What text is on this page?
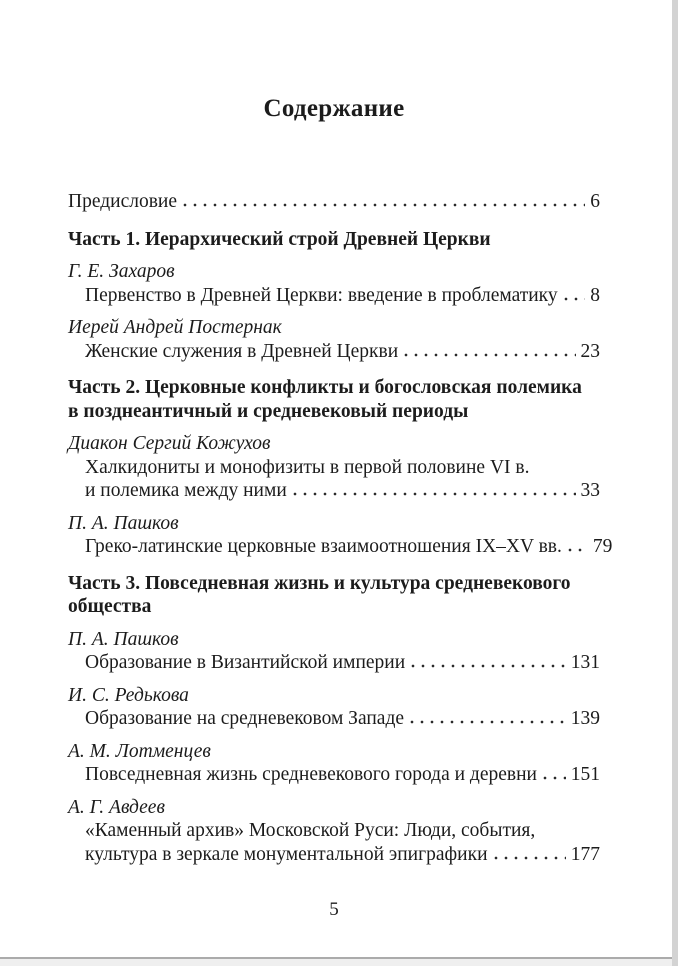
Содержание
Предисловие	6
Часть 1. Иерархический строй Древней Церкви
Г. Е. Захаров
Первенство в Древней Церкви: введение в проблематику 8
Иерей Андрей Постернак
Женские служения в Древней Церкви	23
Часть 2. Церковные конфликты и богословская полемика
в позднеантичный и средневековый периоды
Диакон Сергий Кожухов
Халкидониты и монофизиты в первой половине VI в.
и полемика между ними	33
П. А. Пашков
Греко-латинские церковные взаимоотношения IX–XV вв. 79
Часть 3. Повседневная жизнь и культура средневекового общества
П. А. Пашков
Образование в Византийской империи	131
И. С. Редькова
Образование на средневековом Западе	139
А. М. Лотменцев
Повседневная жизнь средневекового города и деревни 151
А. Г. Авдеев
«Каменный архив» Московской Руси: Люди, события,
культура в зеркале монументальной эпиграфики	177
5
